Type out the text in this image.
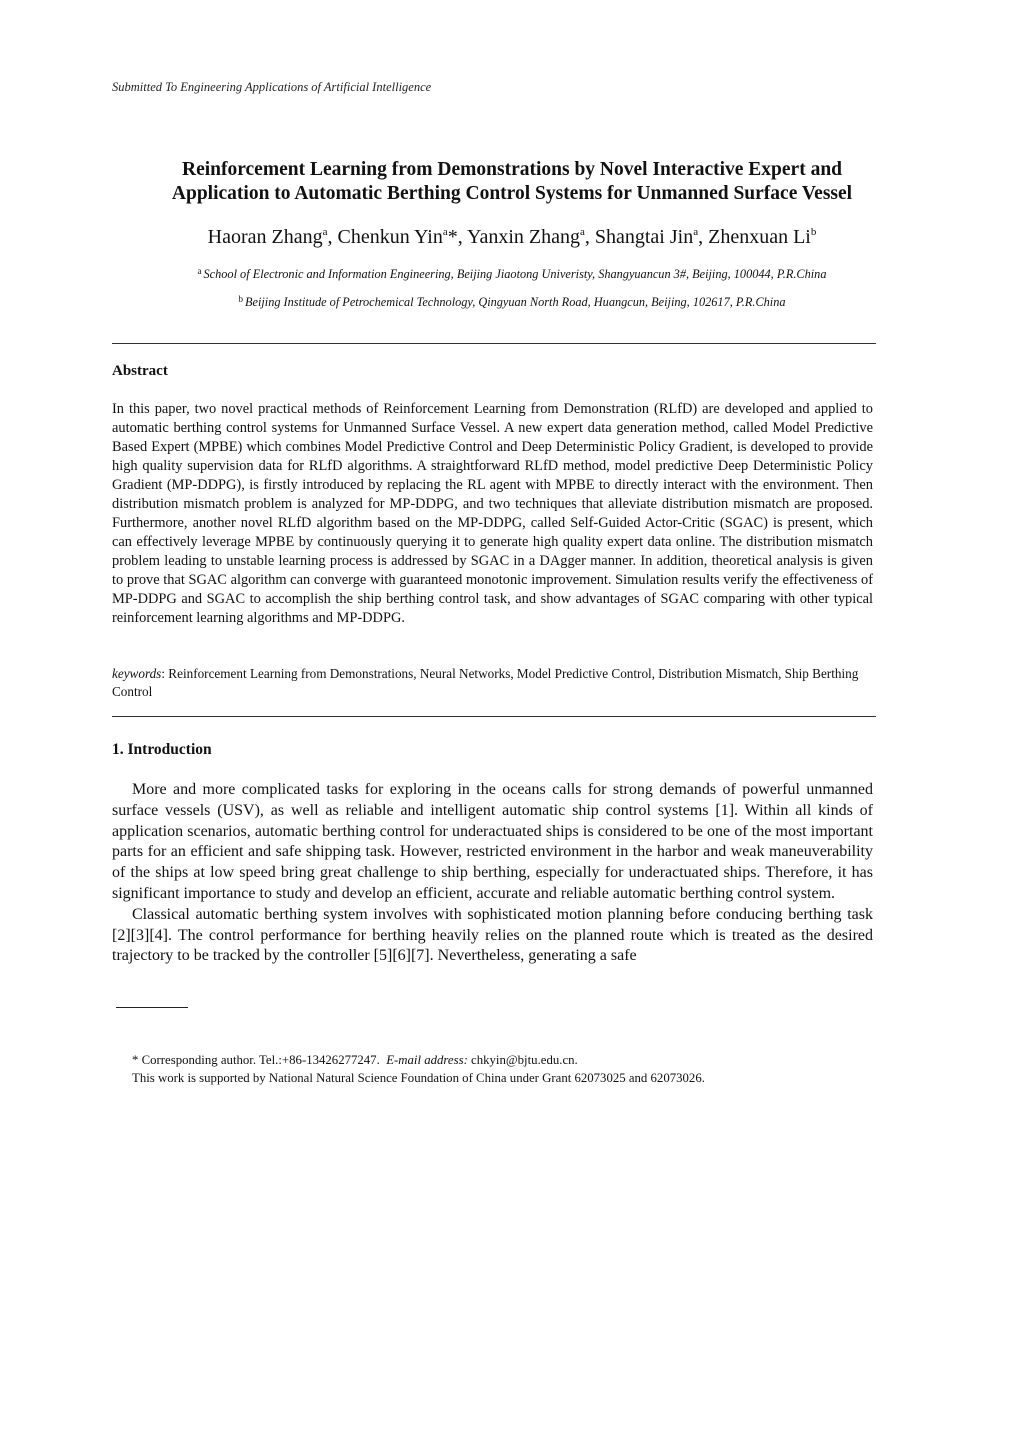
Submitted To Engineering Applications of Artificial Intelligence
Reinforcement Learning from Demonstrations by Novel Interactive Expert and
Application to Automatic Berthing Control Systems for Unmanned Surface Vessel
Haoran Zhang$^a$, Chenkun Yin$^a$*, Yanxin Zhang$^a$, Shangtai Jin$^a$, Zhenxuan Li$^b$
$^a$ School of Electronic and Information Engineering, Beijing Jiaotong Univeristy, Shangyuancun 3#, Beijing, 100044, P.R.China
$^b$ Beijing Institude of Petrochemical Technology, Qingyuan North Road, Huangcun, Beijing, 102617, P.R.China
Abstract
In this paper, two novel practical methods of Reinforcement Learning from Demonstration (RLfD) are developed and applied to automatic berthing control systems for Unmanned Surface Vessel. A new expert data generation method, called Model Predictive Based Expert (MPBE) which combines Model Predictive Control and Deep Deterministic Policy Gradient, is developed to provide high quality supervision data for RLfD algorithms. A straightforward RLfD method, model predictive Deep Deterministic Policy Gradient (MP-DDPG), is firstly introduced by replacing the RL agent with MPBE to directly interact with the environment. Then distribution mismatch problem is analyzed for MP-DDPG, and two techniques that alleviate distribution mismatch are proposed. Furthermore, another novel RLfD algorithm based on the MP-DDPG, called Self-Guided Actor-Critic (SGAC) is present, which can effectively leverage MPBE by continuously querying it to generate high quality expert data online. The distribution mismatch problem leading to unstable learning process is addressed by SGAC in a DAgger manner. In addition, theoretical analysis is given to prove that SGAC algorithm can converge with guaranteed monotonic improvement. Simulation results verify the effectiveness of MP-DDPG and SGAC to accomplish the ship berthing control task, and show advantages of SGAC comparing with other typical reinforcement learning algorithms and MP-DDPG.
keywords: Reinforcement Learning from Demonstrations, Neural Networks, Model Predictive Control, Distribution Mismatch, Ship Berthing Control
1. Introduction

More and more complicated tasks for exploring in the oceans calls for strong demands of powerful unmanned surface vessels (USV), as well as reliable and intelligent automatic ship control systems [1]. Within all kinds of application scenarios, automatic berthing control for underactuated ships is considered to be one of the most important parts for an efficient and safe shipping task. However, restricted environment in the harbor and weak maneuverability of the ships at low speed bring great challenge to ship berthing, especially for underactuated ships. Therefore, it has significant importance to study and develop an efficient, accurate and reliable automatic berthing control system.

Classical automatic berthing system involves with sophisticated motion planning before conducing berthing task [2][3][4]. The control performance for berthing heavily relies on the planned route which is treated as the desired trajectory to be tracked by the controller [5][6][7]. Nevertheless, generating a safe

* Corresponding author. Tel.:+86-13426277247. E-mail address: chkyin@bjtu.edu.cn.
This work is supported by National Natural Science Foundation of China under Grant 62073025 and 62073026.
